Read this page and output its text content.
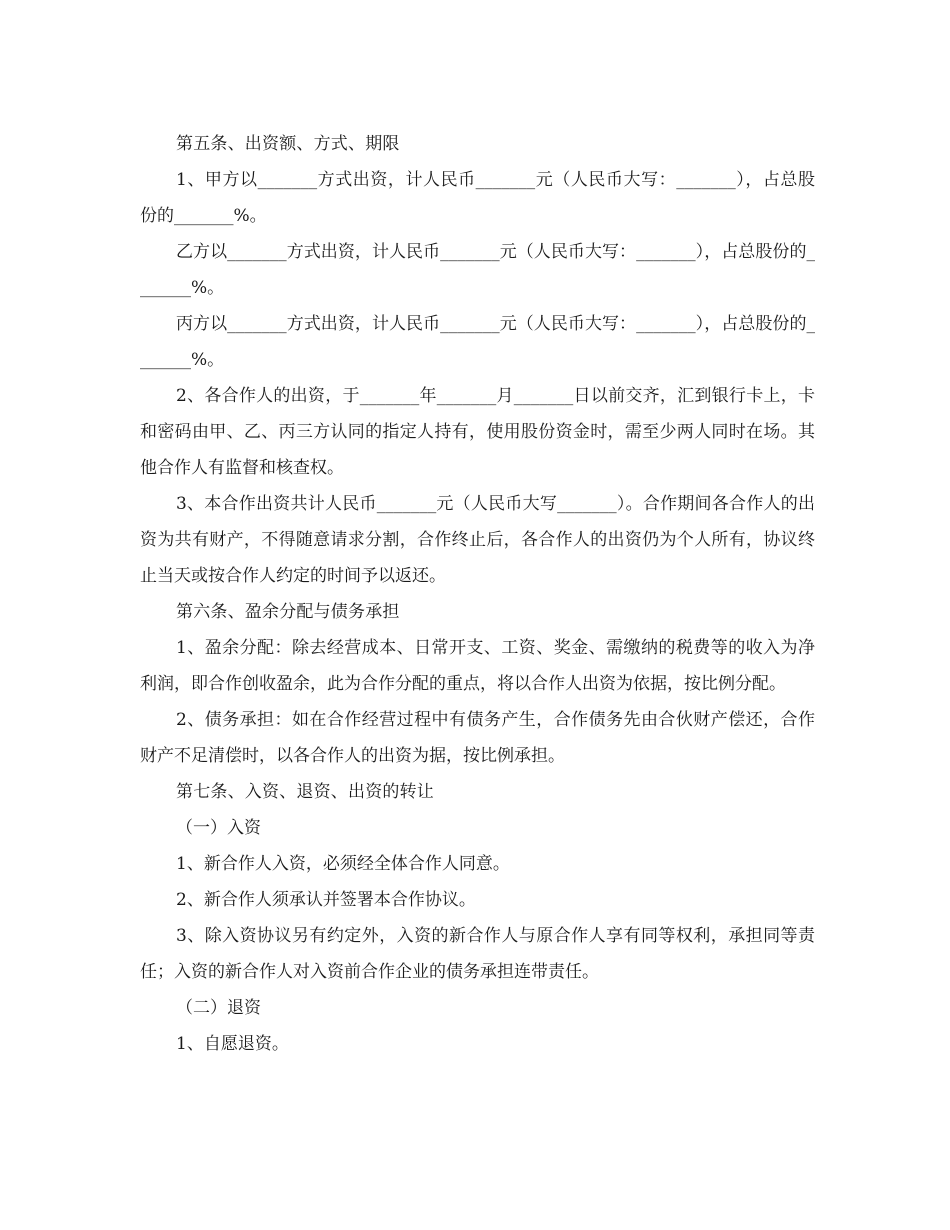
第五条、出资额、方式、期限

1、甲方以_______方式出资，计人民币_______元（人民币大写：_______），占总股份的_______%。

乙方以_______方式出资，计人民币_______元（人民币大写：_______），占总股份的_______%。

丙方以_______方式出资，计人民币_______元（人民币大写：_______），占总股份的_______%。

2、各合作人的出资，于_______年_______月_______日以前交齐，汇到银行卡上，卡和密码由甲、乙、丙三方认同的指定人持有，使用股份资金时，需至少两人同时在场。其他合作人有监督和核查权。

3、本合作出资共计人民币_______元（人民币大写_______）。合作期间各合作人的出资为共有财产，不得随意请求分割，合作终止后，各合作人的出资仍为个人所有，协议终止当天或按合作人约定的时间予以返还。

第六条、盈余分配与债务承担

1、盈余分配：除去经营成本、日常开支、工资、奖金、需缴纳的税费等的收入为净利润，即合作创收盈余，此为合作分配的重点，将以合作人出资为依据，按比例分配。

2、债务承担：如在合作经营过程中有债务产生，合作债务先由合伙财产偿还，合作财产不足清偿时，以各合作人的出资为据，按比例承担。

第七条、入资、退资、出资的转让

（一）入资

1、新合作人入资，必须经全体合作人同意。

2、新合作人须承认并签署本合作协议。

3、除入资协议另有约定外，入资的新合作人与原合作人享有同等权利，承担同等责任；入资的新合作人对入资前合作企业的债务承担连带责任。

（二）退资

1、自愿退资。
